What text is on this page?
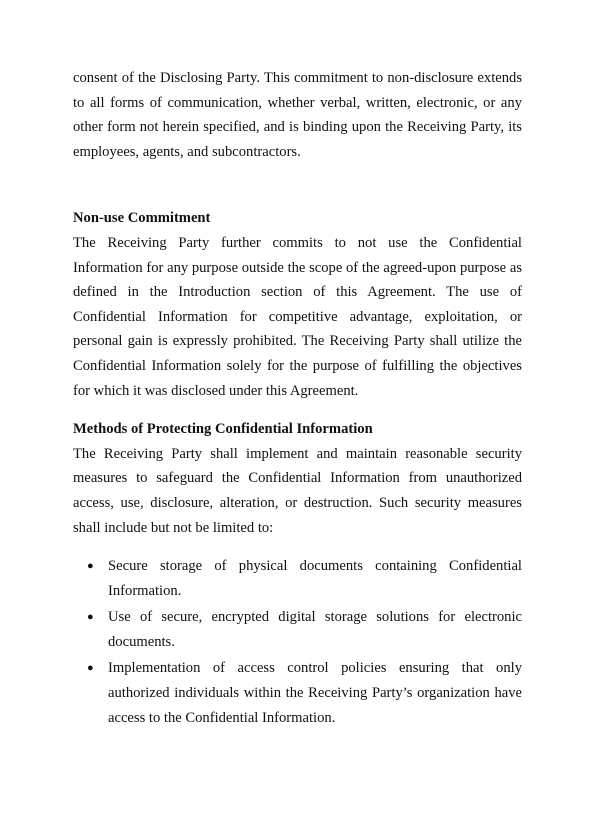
consent of the Disclosing Party. This commitment to non-disclosure extends to all forms of communication, whether verbal, written, electronic, or any other form not herein specified, and is binding upon the Receiving Party, its employees, agents, and subcontractors.

Non-use Commitment

The Receiving Party further commits to not use the Confidential Information for any purpose outside the scope of the agreed-upon purpose as defined in the Introduction section of this Agreement. The use of Confidential Information for competitive advantage, exploitation, or personal gain is expressly prohibited. The Receiving Party shall utilize the Confidential Information solely for the purpose of fulfilling the objectives for which it was disclosed under this Agreement.

Methods of Protecting Confidential Information

The Receiving Party shall implement and maintain reasonable security measures to safeguard the Confidential Information from unauthorized access, use, disclosure, alteration, or destruction. Such security measures shall include but not be limited to:

● Secure storage of physical documents containing Confidential Information.
● Use of secure, encrypted digital storage solutions for electronic documents.
● Implementation of access control policies ensuring that only authorized individuals within the Receiving Party’s organization have access to the Confidential Information.
